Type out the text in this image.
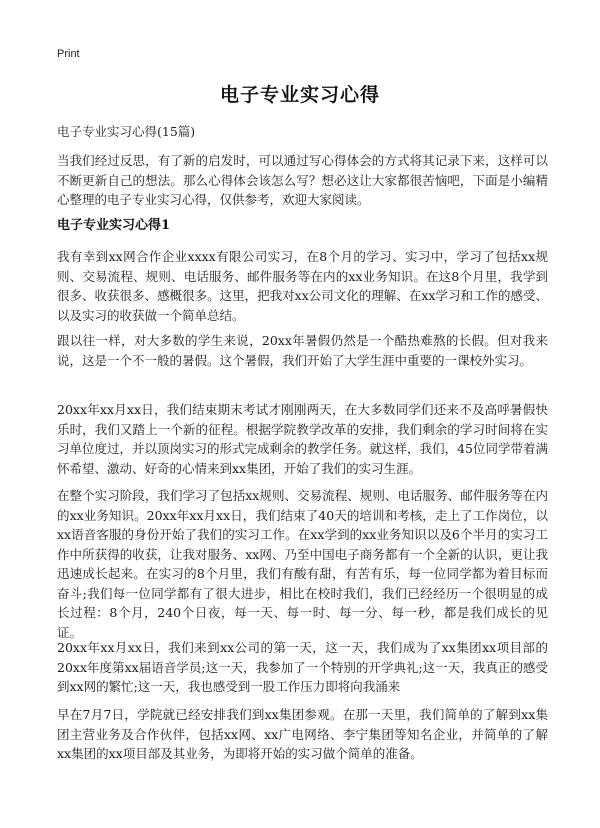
Print
电子专业实习心得
电子专业实习心得(15篇)
当我们经过反思，有了新的启发时，可以通过写心得体会的方式将其记录下来，这样可以不断更新自己的想法。那么心得体会该怎么写？想必这让大家都很苦恼吧，下面是小编精心整理的电子专业实习心得，仅供参考，欢迎大家阅读。
电子专业实习心得1
我有幸到xx网合作企业xxxx有限公司实习，在8个月的学习、实习中，学习了包括xx规则、交易流程、规则、电话服务、邮件服务等在内的xx业务知识。在这8个月里，我学到很多、收获很多、感概很多。这里，把我对xx公司文化的理解、在xx学习和工作的感受、以及实习的收获做一个简单总结。
跟以往一样，对大多数的学生来说，20xx年暑假仍然是一个酷热难熬的长假。但对我来说，这是一个不一般的暑假。这个暑假，我们开始了大学生涯中重要的一课校外实习。
20xx年xx月xx日，我们结束期末考试才刚刚两天，在大多数同学们还来不及高呼暑假快乐时，我们又踏上一个新的征程。根据学院教学改革的安排，我们剩余的学习时间将在实习单位度过，并以顶岗实习的形式完成剩余的教学任务。就这样，我们，45位同学带着满怀希望、激动、好奇的心情来到xx集团，开始了我们的实习生涯。
在整个实习阶段，我们学习了包括xx规则、交易流程、规则、电话服务、邮件服务等在内的xx业务知识。20xx年xx月xx日，我们结束了40天的培训和考核，走上了工作岗位，以xx语音客服的身份开始了我们的实习工作。在xx学到的xx业务知识以及6个半月的实习工作中所获得的收获，让我对服务、xx网、乃至中国电子商务都有一个全新的认识，更让我迅速成长起来。在实习的8个月里，我们有酸有甜，有苦有乐，每一位同学都为着目标而奋斗;我们每一位同学都有了很大进步，相比在校时我们，我们已经经历一个很明显的成长过程：8个月，240个日夜，每一天、每一时、每一分、每一秒，都是我们成长的见证。
20xx年xx月xx日，我们来到xx公司的第一天，这一天，我们成为了xx集团xx项目部的20xx年度第xx届语音学员;这一天，我参加了一个特别的开学典礼;这一天，我真正的感受到xx网的繁忙;这一天，我也感受到一股工作压力即将向我涌来
早在7月7日，学院就已经安排我们到xx集团参观。在那一天里，我们简单的了解到xx集团主营业务及合作伙伴，包括xx网、xx广电网络、李宁集团等知名企业，并简单的了解xx集团的xx项目部及其业务，为即将开始的实习做个简单的准备。
